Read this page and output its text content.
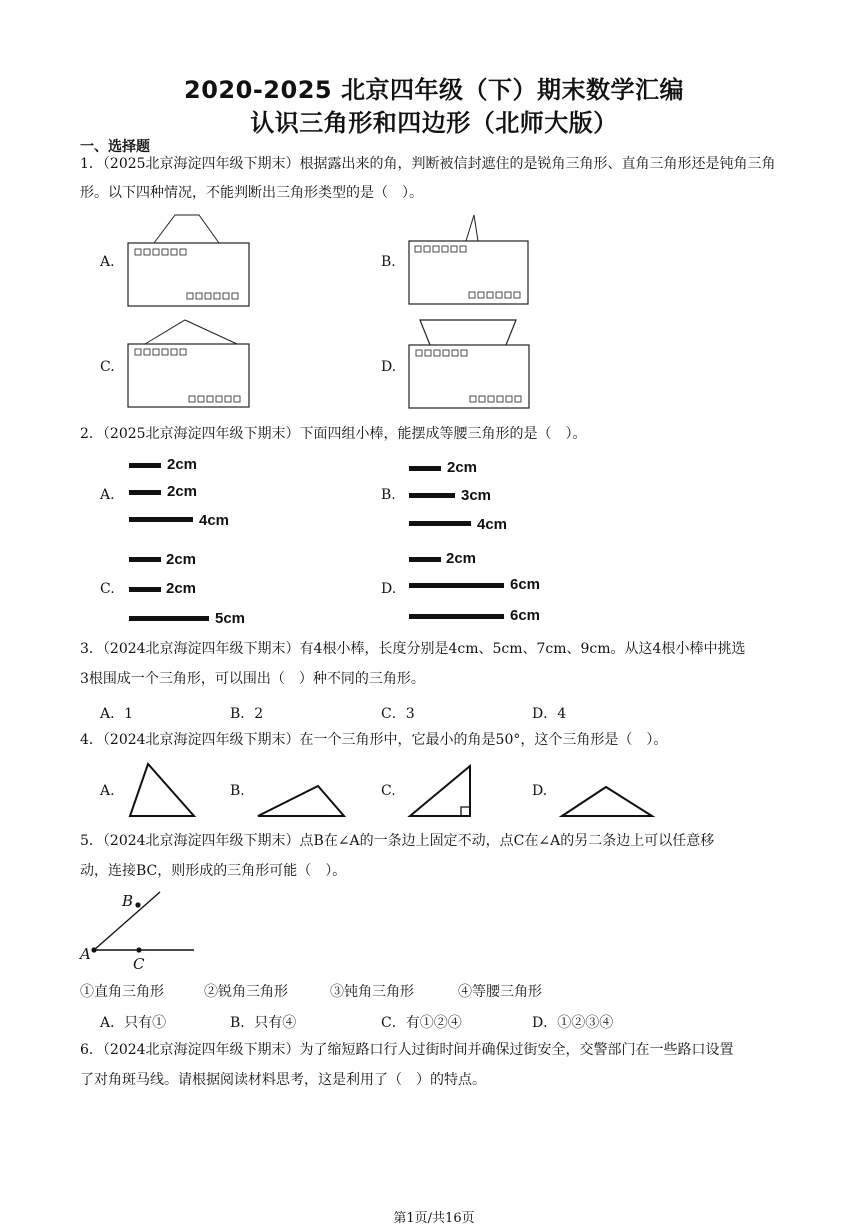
2020-2025 北京四年级（下）期末数学汇编
认识三角形和四边形（北师大版）
一、选择题
1．（2025北京海淀四年级下期末）根据露出来的角，判断被信封遮住的是锐角三角形、直角三角形还是钝角三角形。以下四种情况，不能判断出三角形类型的是（　）。
A.	B.
C.	D.
2．（2025北京海淀四年级下期末）下面四组小棒，能摆成等腰三角形的是（　）。
A.
2cm
2cm
4cm
B.
2cm
3cm
4cm
C.
2cm
2cm
5cm
D.
2cm
6cm
6cm
3．（2024北京海淀四年级下期末）有4根小棒，长度分别是4cm、5cm、7cm、9cm。从这4根小棒中挑选
3根围成一个三角形，可以围出（　）种不同的三角形。
A．1	B．2	C．3	D．4
4．（2024北京海淀四年级下期末）在一个三角形中，它最小的角是50°，这个三角形是（　）。
A.	B.	C.	D.
5．（2024北京海淀四年级下期末）点B在∠A的一条边上固定不动，点C在∠A的另二条边上可以任意移
动，连接BC，则形成的三角形可能（　）。
B
A
C
①直角三角形	②锐角三角形	③钝角三角形	④等腰三角形
A．只有①	B．只有④	C．有①②④	D．①②③④
6．（2024北京海淀四年级下期末）为了缩短路口行人过街时间并确保过街安全，交警部门在一些路口设置
了对角斑马线。请根据阅读材料思考，这是利用了（　）的特点。
第1页/共16页
